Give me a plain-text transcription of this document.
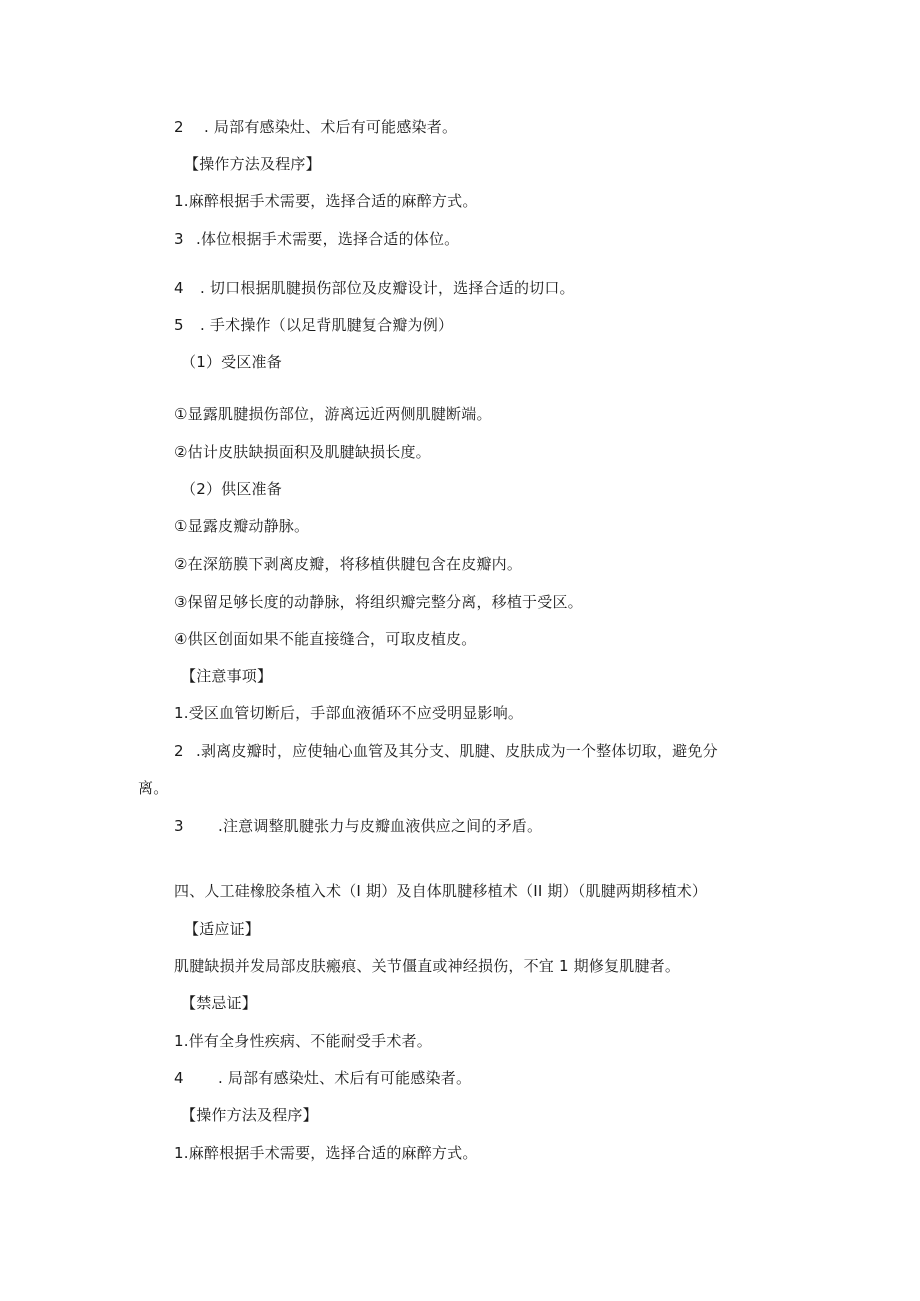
2 . 局部有感染灶、术后有可能感染者。
【操作方法及程序】
1.麻醉根据手术需要，选择合适的麻醉方式。
3 .体位根据手术需要，选择合适的体位。
4 . 切口根据肌腱损伤部位及皮瓣设计，选择合适的切口。
5 . 手术操作（以足背肌腱复合瓣为例）
（1）受区准备
①显露肌腱损伤部位，游离远近两侧肌腱断端。
②估计皮肤缺损面积及肌腱缺损长度。
（2）供区准备
①显露皮瓣动静脉。
②在深筋膜下剥离皮瓣，将移植供腱包含在皮瓣内。
③保留足够长度的动静脉，将组织瓣完整分离，移植于受区。
④供区创面如果不能直接缝合，可取皮植皮。
【注意事项】
1.受区血管切断后，手部血液循环不应受明显影响。
2 .剥离皮瓣时，应使轴心血管及其分支、肌腱、皮肤成为一个整体切取，避免分
离。
3 .注意调整肌腱张力与皮瓣血液供应之间的矛盾。
四、人工硅橡胶条植入术（I 期）及自体肌腱移植术（II 期）（肌腱两期移植术）
【适应证】
肌腱缺损并发局部皮肤瘢痕、关节僵直或神经损伤，不宜 1 期修复肌腱者。
【禁忌证】
1.伴有全身性疾病、不能耐受手术者。
4 . 局部有感染灶、术后有可能感染者。
【操作方法及程序】
1.麻醉根据手术需要，选择合适的麻醉方式。
